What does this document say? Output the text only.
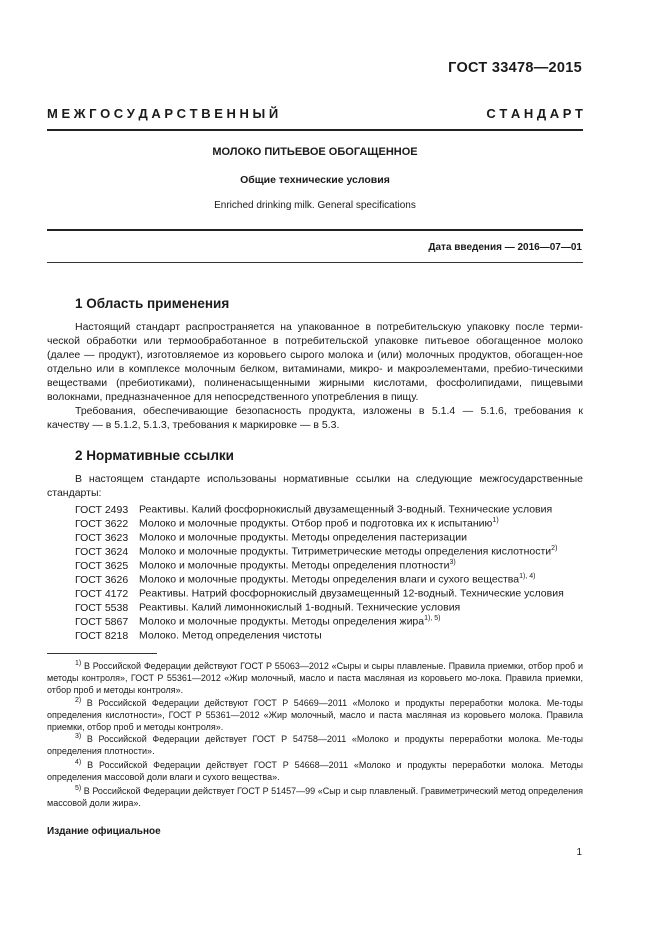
ГОСТ 33478—2015
М Е Ж Г О С У Д А Р С Т В Е Н Н Ы Й	С Т А Н Д А Р Т
МОЛОКО ПИТЬЕВОЕ ОБОГАЩЕННОЕ
Общие технические условия
Enriched drinking milk. General specifications
Дата введения — 2016—07—01
1 Область применения
Настоящий стандарт распространяется на упакованное в потребительскую упаковку после терми-ческой обработки или термообработанное в потребительской упаковке питьевое обогащенное молоко (далее — продукт), изготовляемое из коровьего сырого молока и (или) молочных продуктов, обогащен-ное отдельно или в комплексе молочным белком, витаминами, микро- и макроэлементами, пребио-тическими веществами (пребиотиками), полиненасыщенными жирными кислотами, фосфолипидами, пищевыми волокнами, предназначенное для непосредственного употребления в пищу.
Требования, обеспечивающие безопасность продукта, изложены в 5.1.4 — 5.1.6, требования к качеству — в 5.1.2, 5.1.3, требования к маркировке — в 5.3.
2 Нормативные ссылки
В настоящем стандарте использованы нормативные ссылки на следующие межгосударственные стандарты:
ГОСТ 2493 Реактивы. Калий фосфорнокислый двузамещенный 3-водный. Технические условия
ГОСТ 3622 Молоко и молочные продукты. Отбор проб и подготовка их к испытанию$^{1)}$
ГОСТ 3623 Молоко и молочные продукты. Методы определения пастеризации
ГОСТ 3624 Молоко и молочные продукты. Титриметрические методы определения кислотности$^{2)}$
ГОСТ 3625 Молоко и молочные продукты. Методы определения плотности$^{3)}$
ГОСТ 3626 Молоко и молочные продукты. Методы определения влаги и сухого вещества$^{1), 4)}$
ГОСТ 4172 Реактивы. Натрий фосфорнокислый двузамещенный 12-водный. Технические условия
ГОСТ 5538 Реактивы. Калий лимоннокислый 1-водный. Технические условия
ГОСТ 5867 Молоко и молочные продукты. Методы определения жира$^{1), 5)}$
ГОСТ 8218 Молоко. Метод определения чистоты
$^{1)}$ В Российской Федерации действуют ГОСТ Р 55063—2012 «Сыры и сыры плавленые. Правила приемки, отбор проб и методы контроля», ГОСТ Р 55361—2012 «Жир молочный, масло и паста масляная из коровьего мо-лока. Правила приемки, отбор проб и методы контроля».
$^{2)}$ В Российской Федерации действуют ГОСТ Р 54669—2011 «Молоко и продукты переработки молока. Ме-тоды определения кислотности», ГОСТ Р 55361—2012 «Жир молочный, масло и паста масляная из коровьего молока. Правила приемки, отбор проб и методы контроля».
$^{3)}$ В Российской Федерации действует ГОСТ Р 54758—2011 «Молоко и продукты переработки молока. Ме-тоды определения плотности».
$^{4)}$ В Российской Федерации действует ГОСТ Р 54668—2011 «Молоко и продукты переработки молока. Методы определения массовой доли влаги и сухого вещества».
$^{5)}$ В Российской Федерации действует ГОСТ Р 51457—99 «Сыр и сыр плавленый. Гравиметрический метод определения массовой доли жира».
Издание официальное
1
